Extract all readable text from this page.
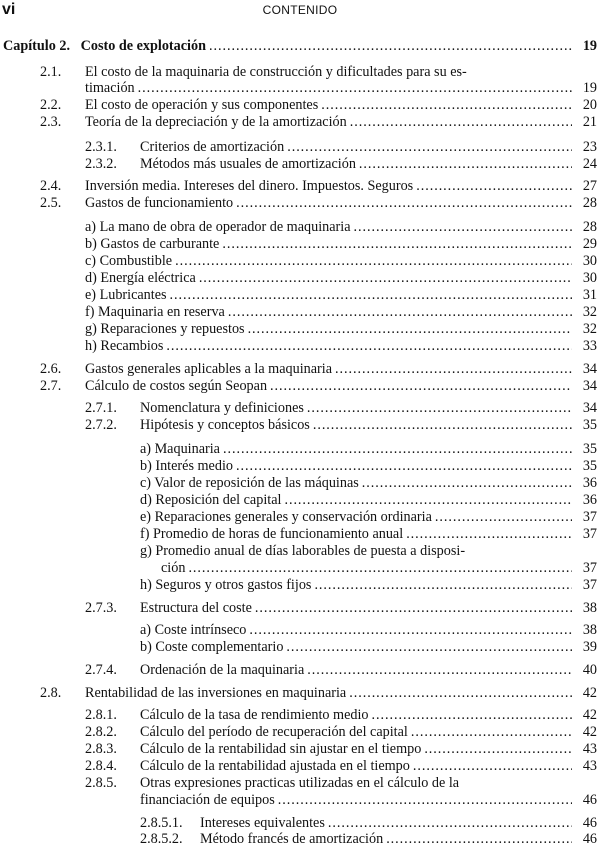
vi	CONTENIDO
Capítulo 2. Costo de explotación . . .	19
2.1. El costo de la maquinaria de construcción y dificultades para su es-
timación . . .	19
2.2. El costo de operación y sus componentes . . .	20
2.3. Teoría de la depreciación y de la amortización . . .	21
2.3.1. Criterios de amortización . . .	23
2.3.2. Métodos más usuales de amortización . . .	24
2.4. Inversión media. Intereses del dinero. Impuestos. Seguros . . .	27
2.5. Gastos de funcionamiento . . .	28
a) La mano de obra de operador de maquinaria . . .	28
b) Gastos de carburante . . .	29
c) Combustible . . .	30
d) Energía eléctrica . . .	30
e) Lubricantes . . .	31
f) Maquinaria en reserva . . .	32
g) Reparaciones y repuestos . . .	32
h) Recambios . . .	33
2.6. Gastos generales aplicables a la maquinaria . . .	34
2.7. Cálculo de costos según Seopan . . .	34
2.7.1. Nomenclatura y definiciones . . .	34
2.7.2. Hipótesis y conceptos básicos . . .	35
a) Maquinaria . . .	35
b) Interés medio . . .	35
c) Valor de reposición de las máquinas . . .	36
d) Reposición del capital . . .	36
e) Reparaciones generales y conservación ordinaria . . .	37
f) Promedio de horas de funcionamiento anual . . .	37
g) Promedio anual de días laborables de puesta a disposi-
ción . . .	37
h) Seguros y otros gastos fijos . . .	37
2.7.3. Estructura del coste . . .	38
a) Coste intrínseco . . .	38
b) Coste complementario . . .	39
2.7.4. Ordenación de la maquinaria . . .	40
2.8. Rentabilidad de las inversiones en maquinaria . . .	42
2.8.1. Cálculo de la tasa de rendimiento medio . . .	42
2.8.2. Cálculo del período de recuperación del capital . . .	42
2.8.3. Cálculo de la rentabilidad sin ajustar en el tiempo . . .	43
2.8.4. Cálculo de la rentabilidad ajustada en el tiempo . . .	43
2.8.5. Otras expresiones practicas utilizadas en el cálculo de la
financiación de equipos . . .	46
2.8.5.1. Intereses equivalentes . . .	46
2.8.5.2. Método francés de amortización . . .	46
